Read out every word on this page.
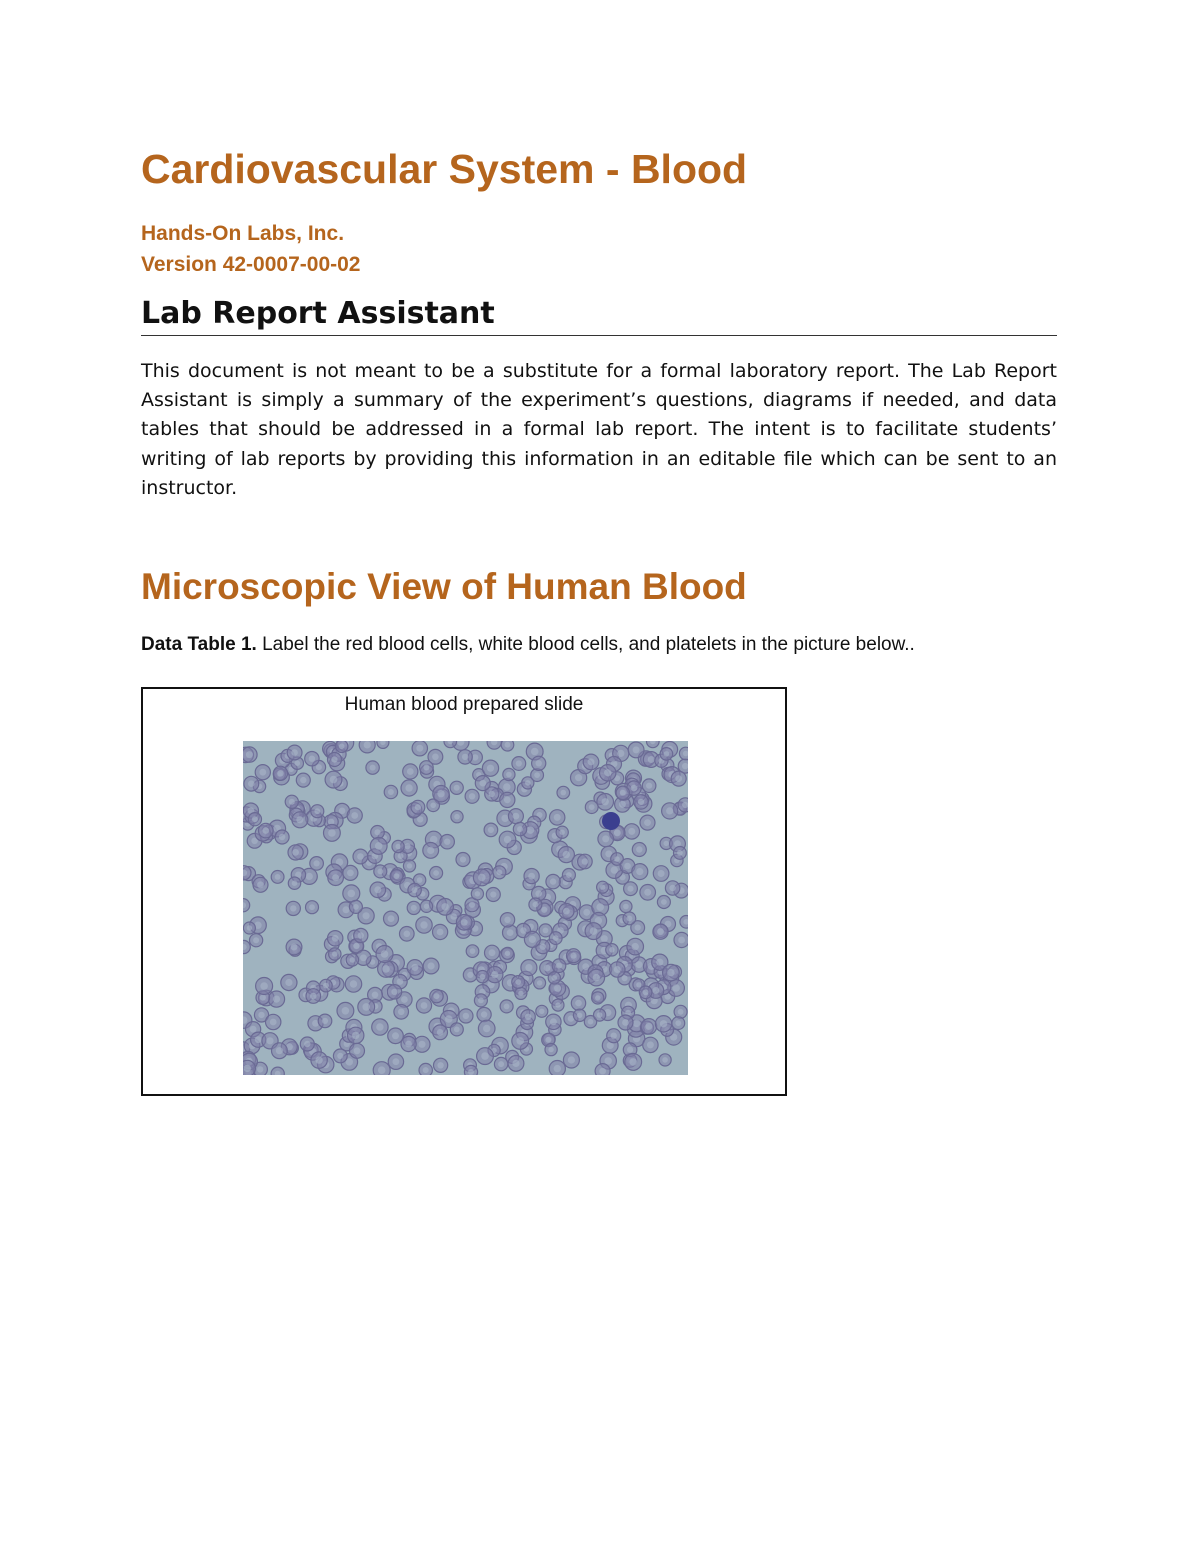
Cardiovascular System - Blood
Hands-On Labs, Inc.
Version 42-0007-00-02
Lab Report Assistant

This document is not meant to be a substitute for a formal laboratory report. The Lab Report Assistant is simply a summary of the experiment’s questions, diagrams if needed, and data tables that should be addressed in a formal lab report. The intent is to facilitate students’ writing of lab reports by providing this information in an editable file which can be sent to an instructor.

Microscopic View of Human Blood

Data Table 1. Label the red blood cells, white blood cells, and platelets in the picture below..

Human blood prepared slide
